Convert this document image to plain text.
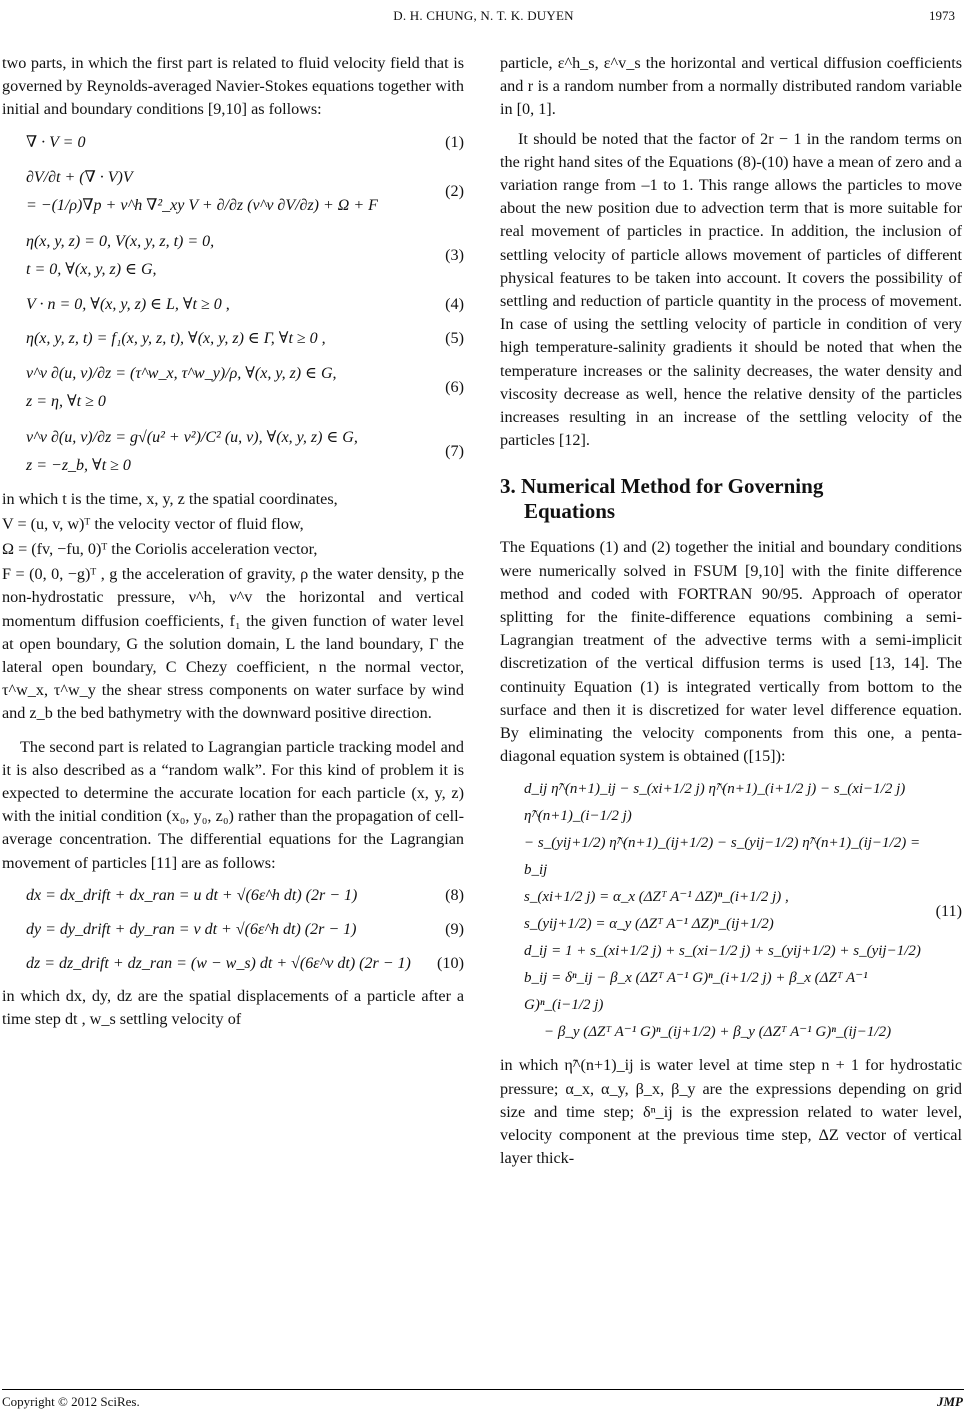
D. H. CHUNG, N. T. K. DUYEN	1973

two parts, in which the first part is related to fluid velocity field that is governed by Reynolds-averaged Navier-Stokes equations together with initial and boundary conditions [9,10] as follows:

∇ · V = 0	(1)
∂V/∂t + (∇ · V)V
= −(1/ρ)∇p + ν^h ∇²_xy V + ∂/∂z (ν^v ∂V/∂z) + Ω + F
(2)
η(x, y, z) = 0, V(x, y, z, t) = 0,
t = 0, ∀(x, y, z) ∈ G,
(3)
V · n = 0, ∀(x, y, z) ∈ L, ∀t ≥ 0 ,	(4)
η(x, y, z, t) = f₁(x, y, z, t), ∀(x, y, z) ∈ Γ, ∀t ≥ 0 ,	(5)
ν^v ∂(u, v)/∂z = (τ^w_x, τ^w_y)/ρ, ∀(x, y, z) ∈ G,
z = η, ∀t ≥ 0
(6)
ν^v ∂(u, v)/∂z = g√(u² + v²)/C² (u, v), ∀(x, y, z) ∈ G,
z = −z_b, ∀t ≥ 0
(7)

in which t is the time, x, y, z the spatial coordinates,

V = (u, v, w)ᵀ the velocity vector of fluid flow,

Ω = (fv, −fu, 0)ᵀ the Coriolis acceleration vector,

F = (0, 0, −g)ᵀ , g the acceleration of gravity, ρ the water density, p the non-hydrostatic pressure, ν^h, ν^v the horizontal and vertical momentum diffusion coefficients, f₁ the given function of water level at open boundary, G the solution domain, L the land boundary, Γ the lateral open boundary, C Chezy coefficient, n the normal vector, τ^w_x, τ^w_y the shear stress components on water surface by wind and z_b the bed bathymetry with the downward positive direction.

The second part is related to Lagrangian particle tracking model and it is also described as a “random walk”. For this kind of problem it is expected to determine the accurate location for each particle (x, y, z) with the initial condition (x₀, y₀, z₀) rather than the propagation of cell-average concentration. The differential equations for the Lagrangian movement of particles [11] are as follows:

dx = dx_drift + dx_ran = u dt + √(6ε^h dt) (2r − 1)	(8)
dy = dy_drift + dy_ran = v dt + √(6ε^h dt) (2r − 1)	(9)
dz = dz_drift + dz_ran = (w − w_s) dt + √(6ε^v dt) (2r − 1)	(10)

in which dx, dy, dz are the spatial displacements of a particle after a time step dt , w_s settling velocity of

particle, ε^h_s, ε^v_s the horizontal and vertical diffusion coefficients and r is a random number from a normally distributed random variable in [0, 1].

It should be noted that the factor of 2r − 1 in the random terms on the right hand sites of the Equations (8)-(10) have a mean of zero and a variation range from –1 to 1. This range allows the particles to move about the new position due to advection term that is more suitable for real movement of particles in practice. In addition, the inclusion of settling velocity of particle allows movement of particles of different physical features to be taken into account. It covers the possibility of settling and reduction of particle quantity in the process of movement. In case of using the settling velocity of particle in condition of very high temperature-salinity gradients it should be noted that when the temperature increases or the salinity decreases, the water density and viscosity decrease as well, hence the relative density of the particles increases resulting in an increase of the settling velocity of the particles [12].

3. Numerical Method for Governing
Equations

The Equations (1) and (2) together the initial and boundary conditions were numerically solved in FSUM [9,10] with the finite difference method and coded with FORTRAN 90/95. Approach of operator splitting for the finite-difference equations combining a semi-Lagrangian treatment of the advective terms with a semi-implicit discretization of the vertical diffusion terms is used [13, 14]. The continuity Equation (1) is integrated vertically from bottom to the surface and then it is discretized for water level difference equation. By eliminating the velocity components from this one, a penta-diagonal equation system is obtained ([15]):

d_ij η̃^(n+1)_ij − s_(xi+1/2 j) η̃^(n+1)_(i+1/2 j) − s_(xi−1/2 j) η̃^(n+1)_(i−1/2 j)
− s_(yij+1/2) η̃^(n+1)_(ij+1/2) − s_(yij−1/2) η̃^(n+1)_(ij−1/2) = b_ij
s_(xi+1/2 j) = α_x (ΔZᵀ A⁻¹ ΔZ)ⁿ_(i+1/2 j) ,
s_(yij+1/2) = α_y (ΔZᵀ A⁻¹ ΔZ)ⁿ_(ij+1/2)
d_ij = 1 + s_(xi+1/2 j) + s_(xi−1/2 j) + s_(yij+1/2) + s_(yij−1/2)
b_ij = δⁿ_ij − β_x (ΔZᵀ A⁻¹ G)ⁿ_(i+1/2 j) + β_x (ΔZᵀ A⁻¹ G)ⁿ_(i−1/2 j)
− β_y (ΔZᵀ A⁻¹ G)ⁿ_(ij+1/2) + β_y (ΔZᵀ A⁻¹ G)ⁿ_(ij−1/2)
(11)

in which η̃^(n+1)_ij is water level at time step n + 1 for hydrostatic pressure; α_x, α_y, β_x, β_y are the expressions depending on grid size and time step; δⁿ_ij is the expression related to water level, velocity component at the previous time step, ΔZ vector of vertical layer thick-

Copyright © 2012 SciRes.	JMP
